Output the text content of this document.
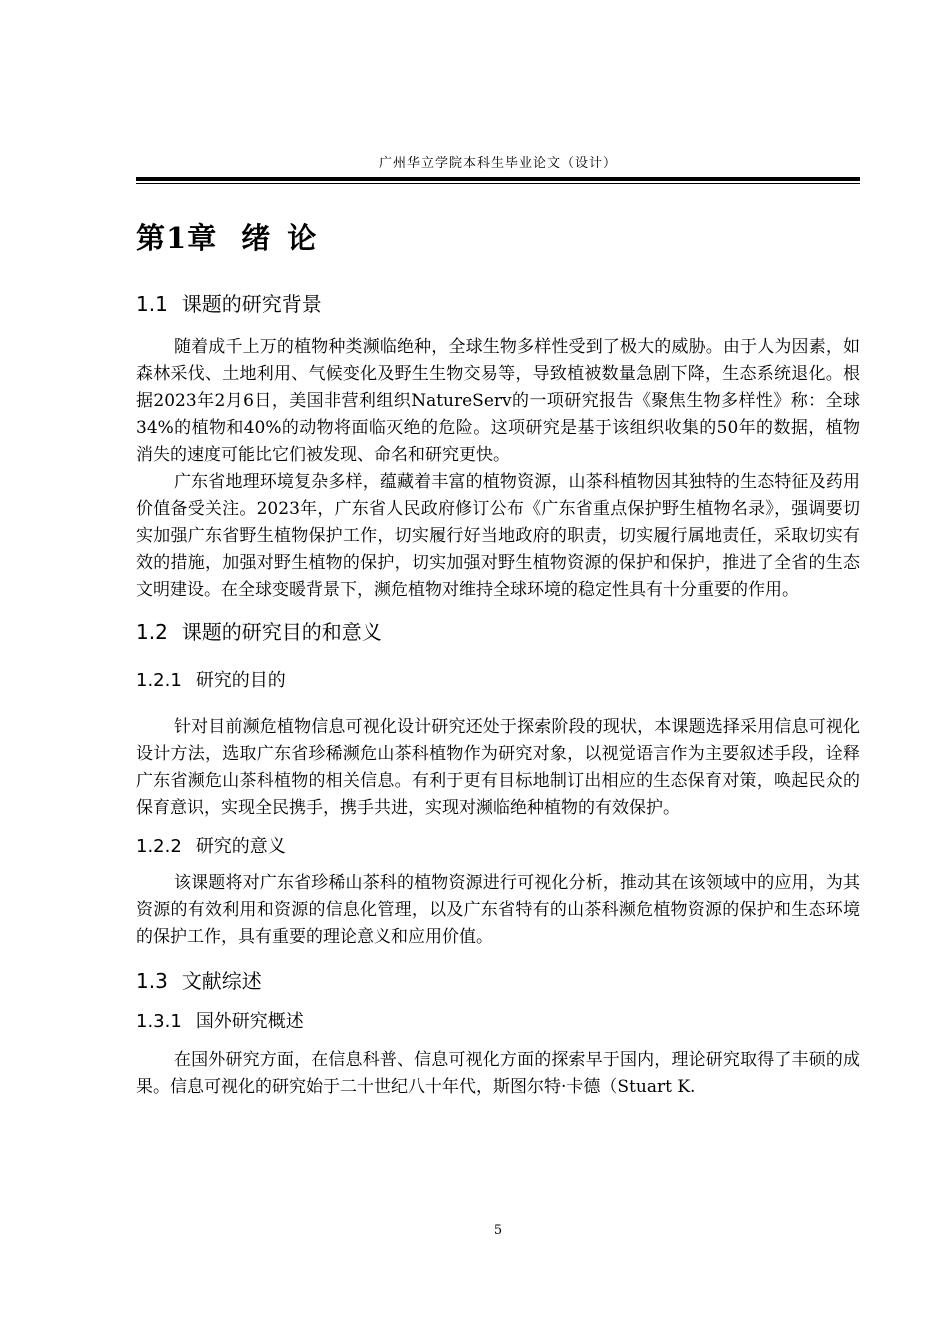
广州华立学院本科生毕业论文（设计）
第1章 绪 论
1.1 课题的研究背景

随着成千上万的植物种类濒临绝种，全球生物多样性受到了极大的威胁。由于人为因素，如森林采伐、土地利用、气候变化及野生生物交易等，导致植被数量急剧下降，生态系统退化。根据2023年2月6日，美国非营利组织NatureServ的一项研究报告《聚焦生物多样性》称：全球34%的植物和40%的动物将面临灭绝的危险。这项研究是基于该组织收集的50年的数据，植物消失的速度可能比它们被发现、命名和研究更快。

广东省地理环境复杂多样，蕴藏着丰富的植物资源，山茶科植物因其独特的生态特征及药用价值备受关注。2023年，广东省人民政府修订公布《广东省重点保护野生植物名录》，强调要切实加强广东省野生植物保护工作，切实履行好当地政府的职责，切实履行属地责任，采取切实有效的措施，加强对野生植物的保护，切实加强对野生植物资源的保护和保护，推进了全省的生态文明建设。在全球变暖背景下，濒危植物对维持全球环境的稳定性具有十分重要的作用。

1.2 课题的研究目的和意义
1.2.1 研究的目的

针对目前濒危植物信息可视化设计研究还处于探索阶段的现状，本课题选择采用信息可视化设计方法，选取广东省珍稀濒危山茶科植物作为研究对象，以视觉语言作为主要叙述手段，诠释广东省濒危山茶科植物的相关信息。有利于更有目标地制订出相应的生态保育对策，唤起民众的保育意识，实现全民携手，携手共进，实现对濒临绝种植物的有效保护。

1.2.2 研究的意义

该课题将对广东省珍稀山茶科的植物资源进行可视化分析，推动其在该领域中的应用，为其资源的有效利用和资源的信息化管理，以及广东省特有的山茶科濒危植物资源的保护和生态环境的保护工作，具有重要的理论意义和应用价值。

1.3 文献综述
1.3.1 国外研究概述

在国外研究方面，在信息科普、信息可视化方面的探索早于国内，理论研究取得了丰硕的成果。信息可视化的研究始于二十世纪八十年代，斯图尔特·卡德（Stuart K.

5
